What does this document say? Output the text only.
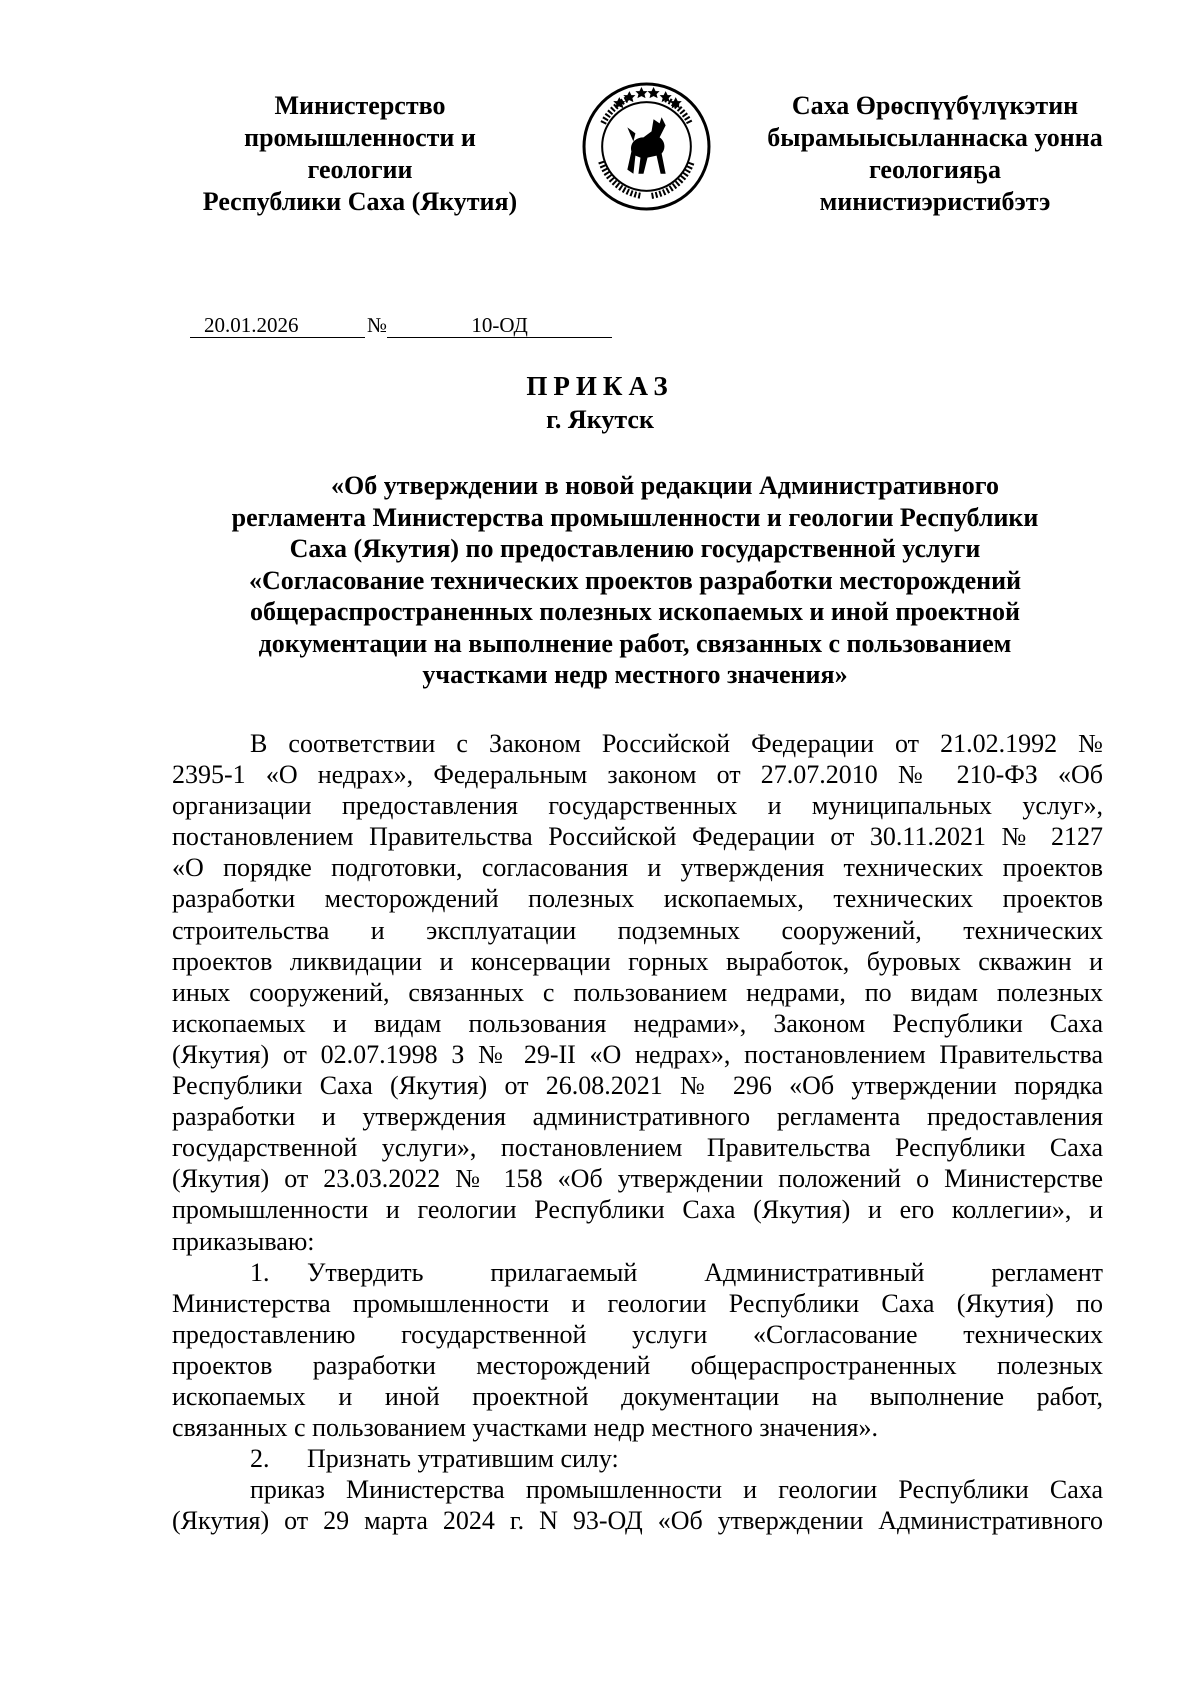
Министерство
промышленности и
геологии
Республики Саха (Якутия)
Саха Өрөспүүбүлүкэтин
бырамыысыланнаска уонна
геологияҕа
министиэристибэтэ
20.01.2026	№	10-ОД
ПРИКАЗ
г. Якутск
«Об утверждении в новой редакции Административного
регламента Министерства промышленности и геологии Республики
Саха (Якутия) по предоставлению государственной услуги
«Согласование технических проектов разработки месторождений
общераспространенных полезных ископаемых и иной проектной
документации на выполнение работ, связанных с пользованием
участками недр местного значения»
В соответствии с Законом Российской Федерации от 21.02.1992 №
2395-1 «О недрах», Федеральным законом от 27.07.2010 № 210-ФЗ «Об
организации предоставления государственных и муниципальных услуг»,
постановлением Правительства Российской Федерации от 30.11.2021 № 2127
«О порядке подготовки, согласования и утверждения технических проектов
разработки месторождений полезных ископаемых, технических проектов
строительства и эксплуатации подземных сооружений, технических
проектов ликвидации и консервации горных выработок, буровых скважин и
иных сооружений, связанных с пользованием недрами, по видам полезных
ископаемых и видам пользования недрами», Законом Республики Саха
(Якутия) от 02.07.1998 З № 29-II «О недрах», постановлением Правительства
Республики Саха (Якутия) от 26.08.2021 № 296 «Об утверждении порядка
разработки и утверждения административного регламента предоставления
государственной услуги», постановлением Правительства Республики Саха
(Якутия) от 23.03.2022 № 158 «Об утверждении положений о Министерстве
промышленности и геологии Республики Саха (Якутия) и его коллегии», и
приказываю:
1. Утвердить прилагаемый Административный регламент
Министерства промышленности и геологии Республики Саха (Якутия) по
предоставлению государственной услуги «Согласование технических
проектов разработки месторождений общераспространенных полезных
ископаемых и иной проектной документации на выполнение работ,
связанных с пользованием участками недр местного значения».
2. Признать утратившим силу:
приказ Министерства промышленности и геологии Республики Саха
(Якутия) от 29 марта 2024 г. N 93-ОД «Об утверждении Административного
